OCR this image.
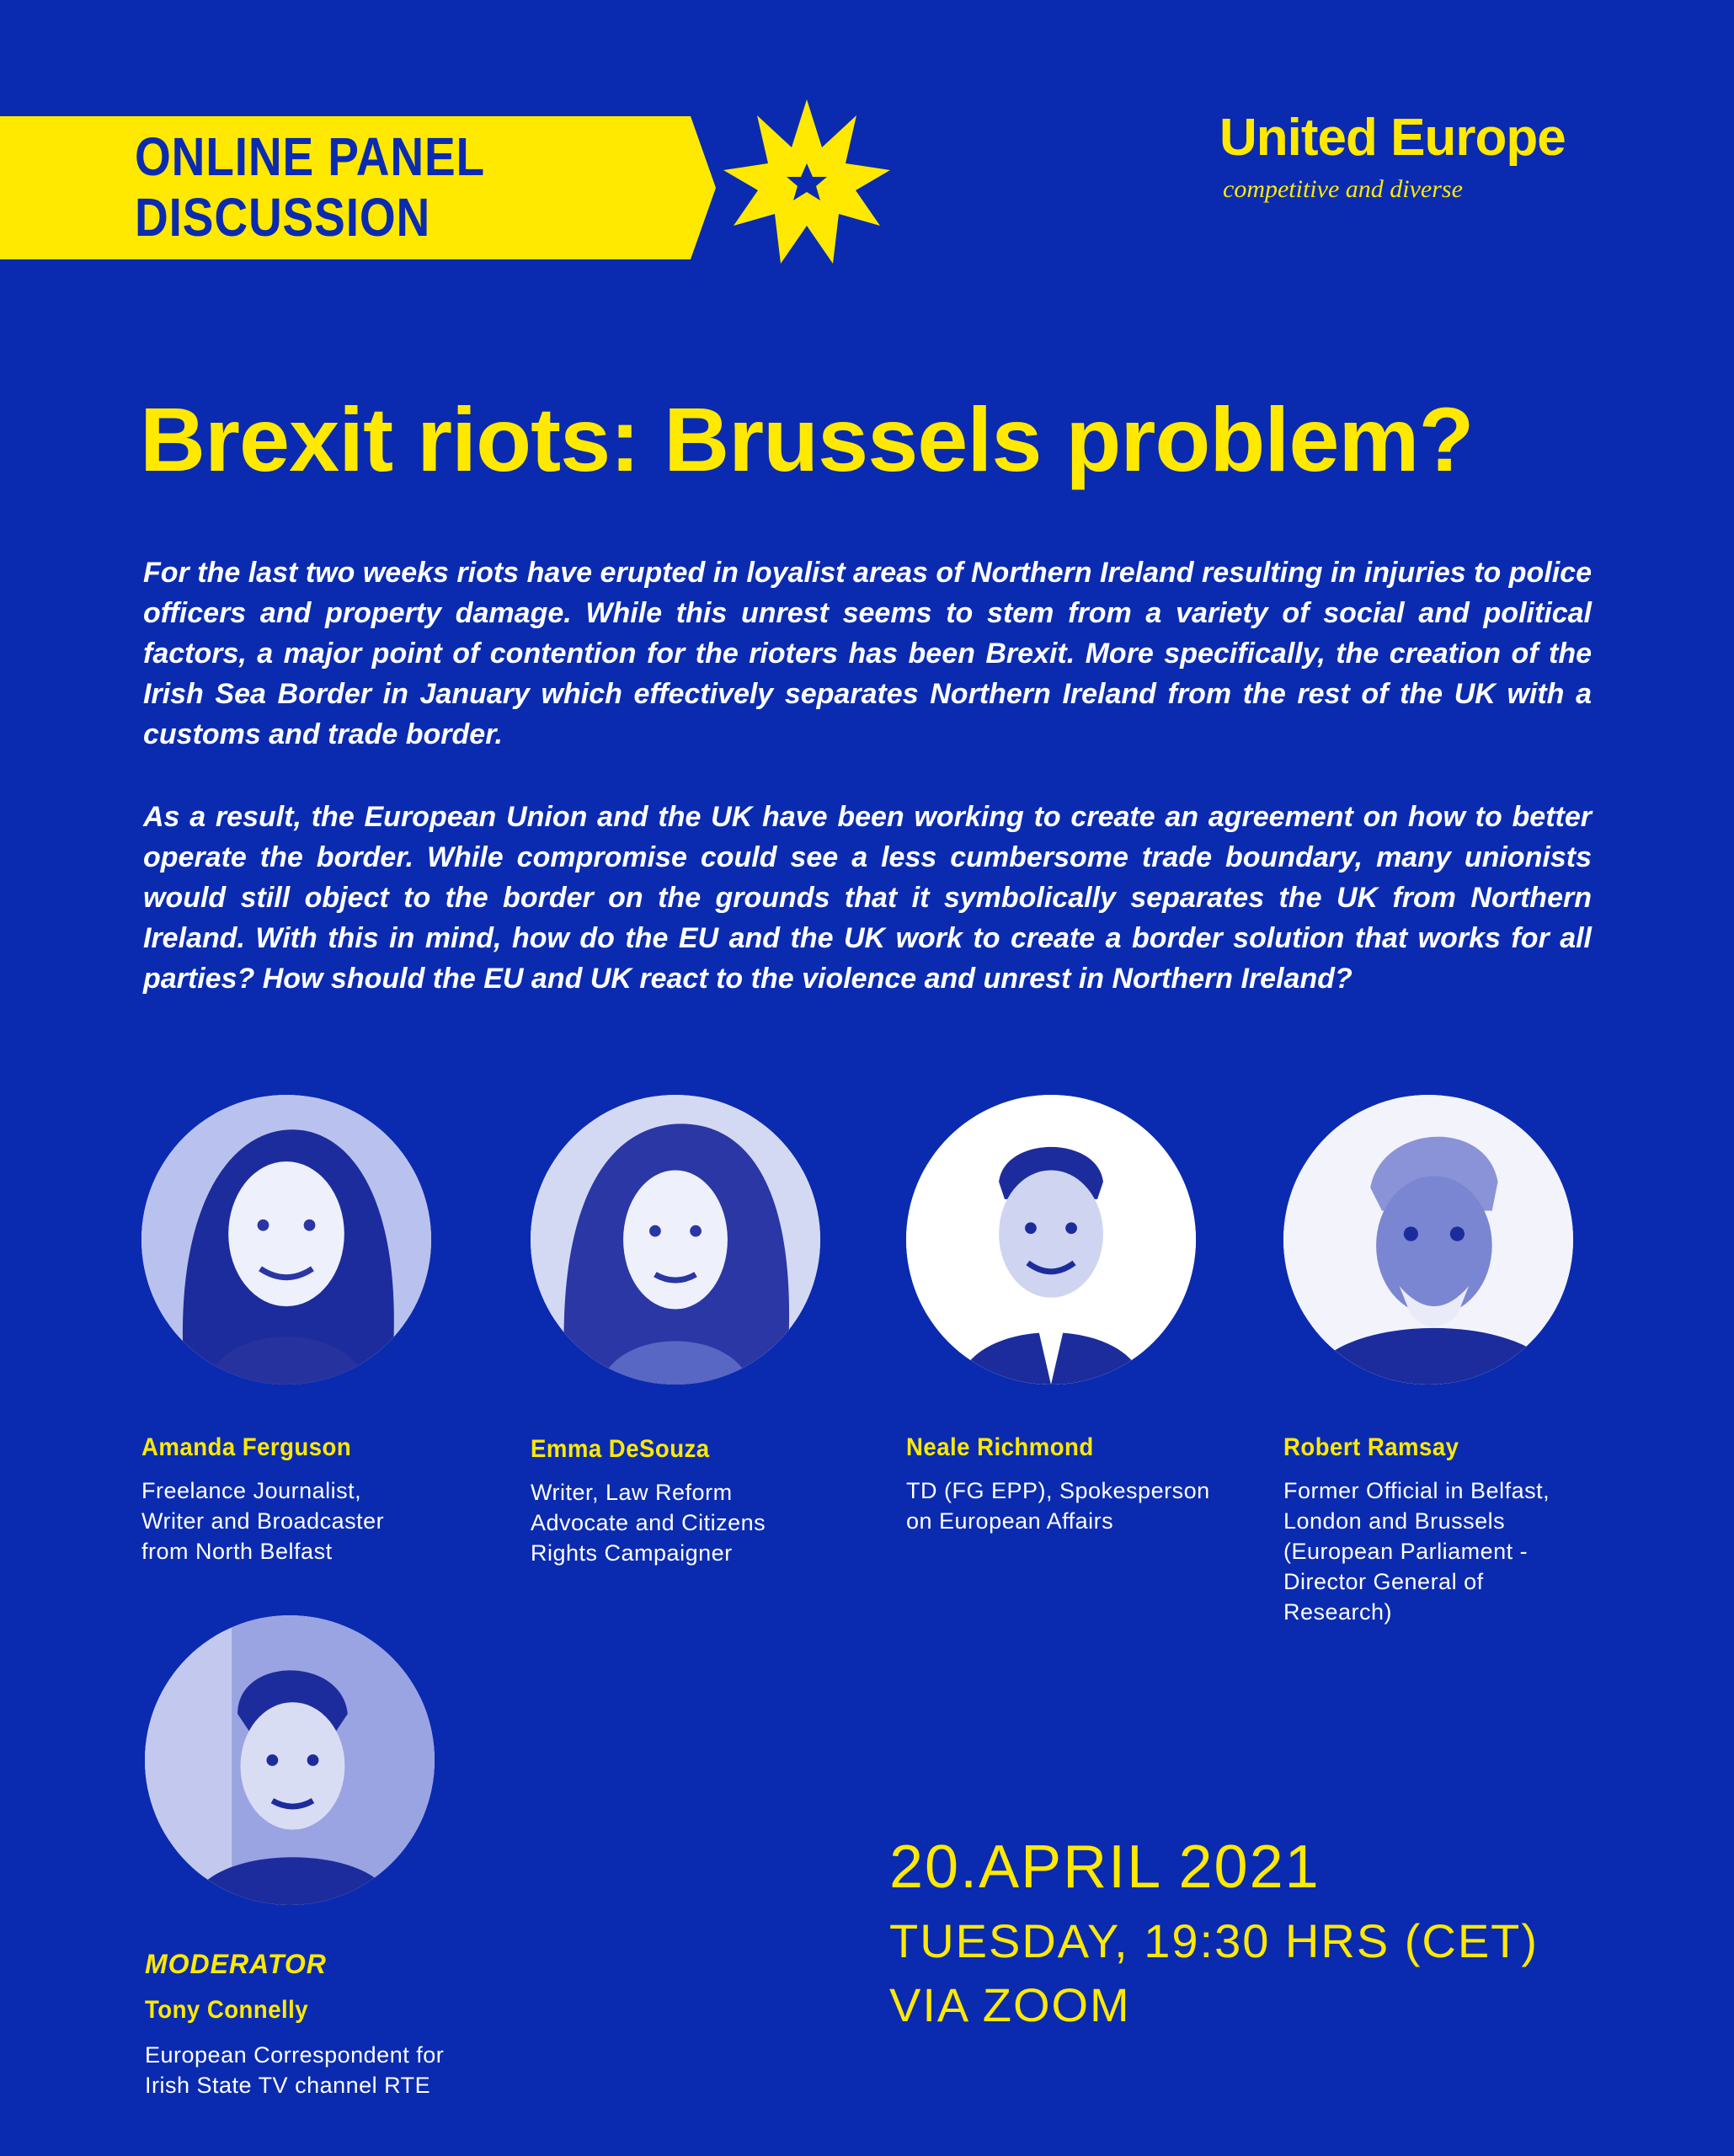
ONLINE PANEL
DISCUSSION
United Europe
competitive and diverse
Brexit riots: Brussels problem?
For the last two weeks riots have erupted in loyalist areas of Northern Ireland resulting in injuries to police officers and property damage. While this unrest seems to stem from a variety of social and political factors, a major point of contention for the rioters has been Brexit. More specifically, the creation of the Irish Sea Border in January which effectively separates Northern Ireland from the rest of the UK with a customs and trade border.
As a result, the European Union and the UK have been working to create an agreement on how to better operate the border. While compromise could see a less cumbersome trade boundary, many unionists would still object to the border on the grounds that it symbolically separates the UK from Northern Ireland. With this in mind, how do the EU and the UK work to create a border solution that works for all parties? How should the EU and UK react to the violence and unrest in Northern Ireland?
Amanda Ferguson
Freelance Journalist,
Writer and Broadcaster
from North Belfast
Emma DeSouza
Writer, Law Reform
Advocate and Citizens
Rights Campaigner
Neale Richmond
TD (FG EPP), Spokesperson
on European Affairs
Robert Ramsay
Former Official in Belfast,
London and Brussels
(European Parliament -
Director General of
Research)
MODERATOR
Tony Connelly
European Correspondent for
Irish State TV channel RTE
20.APRIL 2021
TUESDAY, 19:30 HRS (CET)
VIA ZOOM
